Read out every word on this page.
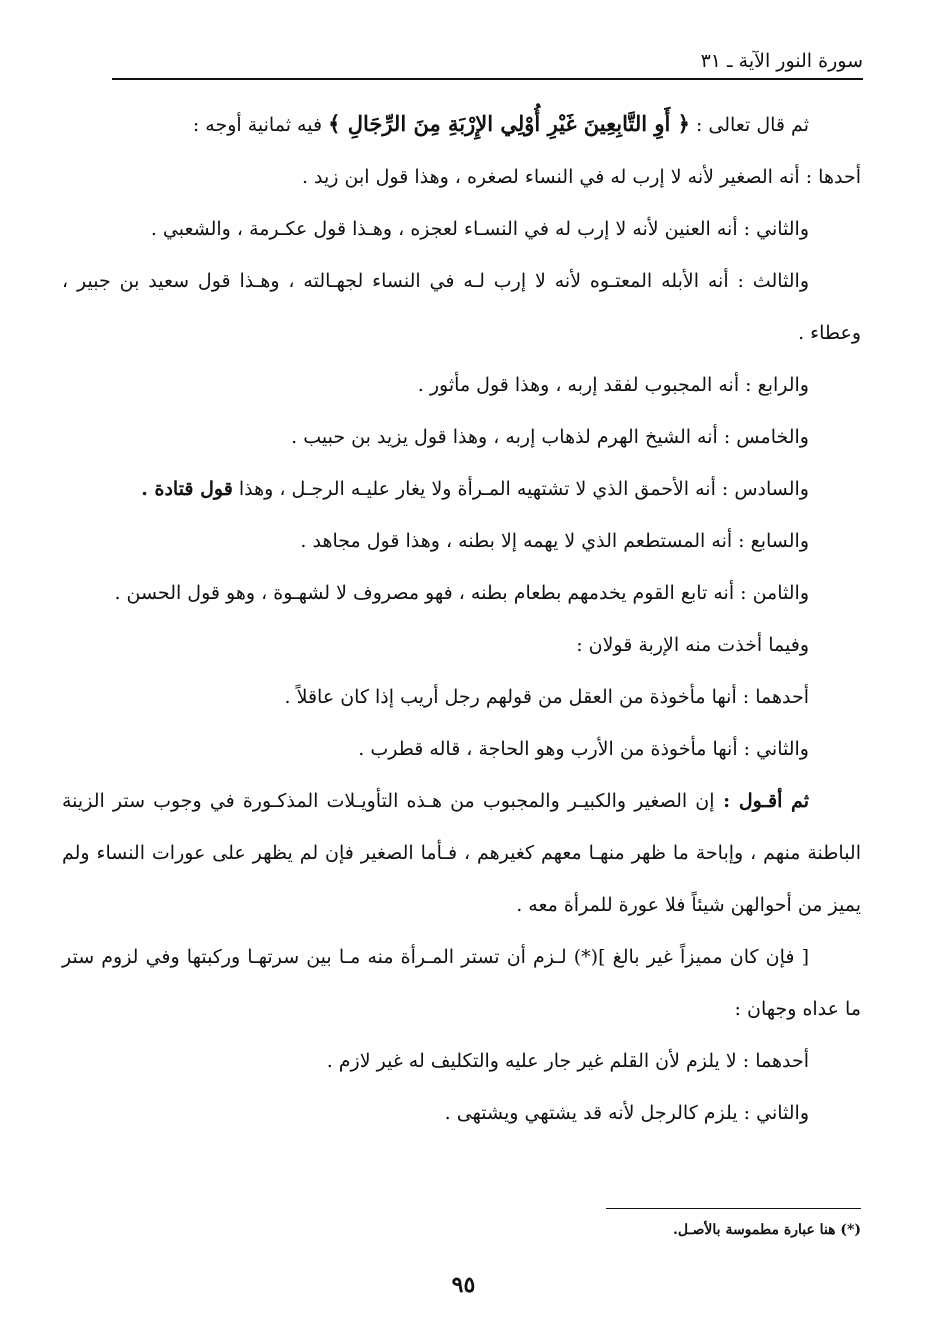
سورة النور الآية ـ ٣١

ثم قال تعالى : ﴿ أَوِ التَّابِعِينَ غَيْرِ أُوْلِي الإِرْبَةِ مِنَ الرِّجَالِ ﴾ فيه ثمانية أوجه :

أحدها : أنه الصغير لأنه لا إرب له في النساء لصغره ، وهذا قول ابن زيد .

والثاني : أنه العنين لأنه لا إرب له في النسـاء لعجزه ، وهـذا قول عكـرمة ، والشعبي .

والثالث : أنه الأبله المعتـوه لأنه لا إرب لـه في النساء لجهـالته ، وهـذا قول سعيد بن جبير ، وعطاء .

والرابع : أنه المجبوب لفقد إربه ، وهذا قول مأثور .

والخامس : أنه الشيخ الهرم لذهاب إربه ، وهذا قول يزيد بن حبيب .

والسادس : أنه الأحمق الذي لا تشتهيه المـرأة ولا يغار عليـه الرجـل ، وهذا قول قتادة .

والسابع : أنه المستطعم الذي لا يهمه إلا بطنه ، وهذا قول مجاهد .

والثامن : أنه تابع القوم يخدمهم بطعام بطنه ، فهو مصروف لا لشهـوة ، وهو قول الحسن .

وفيما أخذت منه الإربة قولان :

أحدهما : أنها مأخوذة من العقل من قولهم رجل أريب إذا كان عاقلاً .

والثاني : أنها مأخوذة من الأرب وهو الحاجة ، قاله قطرب .

ثم أقـول : إن الصغير والكبيـر والمجبوب من هـذه التأويـلات المذكـورة في وجوب ستر الزينة الباطنة منهم ، وإباحة ما ظهر منهـا معهم كغيرهم ، فـأما الصغير فإن لم يظهر على عورات النساء ولم يميز من أحوالهن شيئاً فلا عورة للمرأة معه .

[ فإن كان مميزاً غير بالغ ](*) لـزم أن تستر المـرأة منه مـا بين سرتهـا وركبتها وفي لزوم ستر ما عداه وجهان :

أحدهما : لا يلزم لأن القلم غير جار عليه والتكليف له غير لازم .

والثاني : يلزم كالرجل لأنه قد يشتهي ويشتهى .

(*) هنا عبارة مطموسة بالأصـل.
٩٥
